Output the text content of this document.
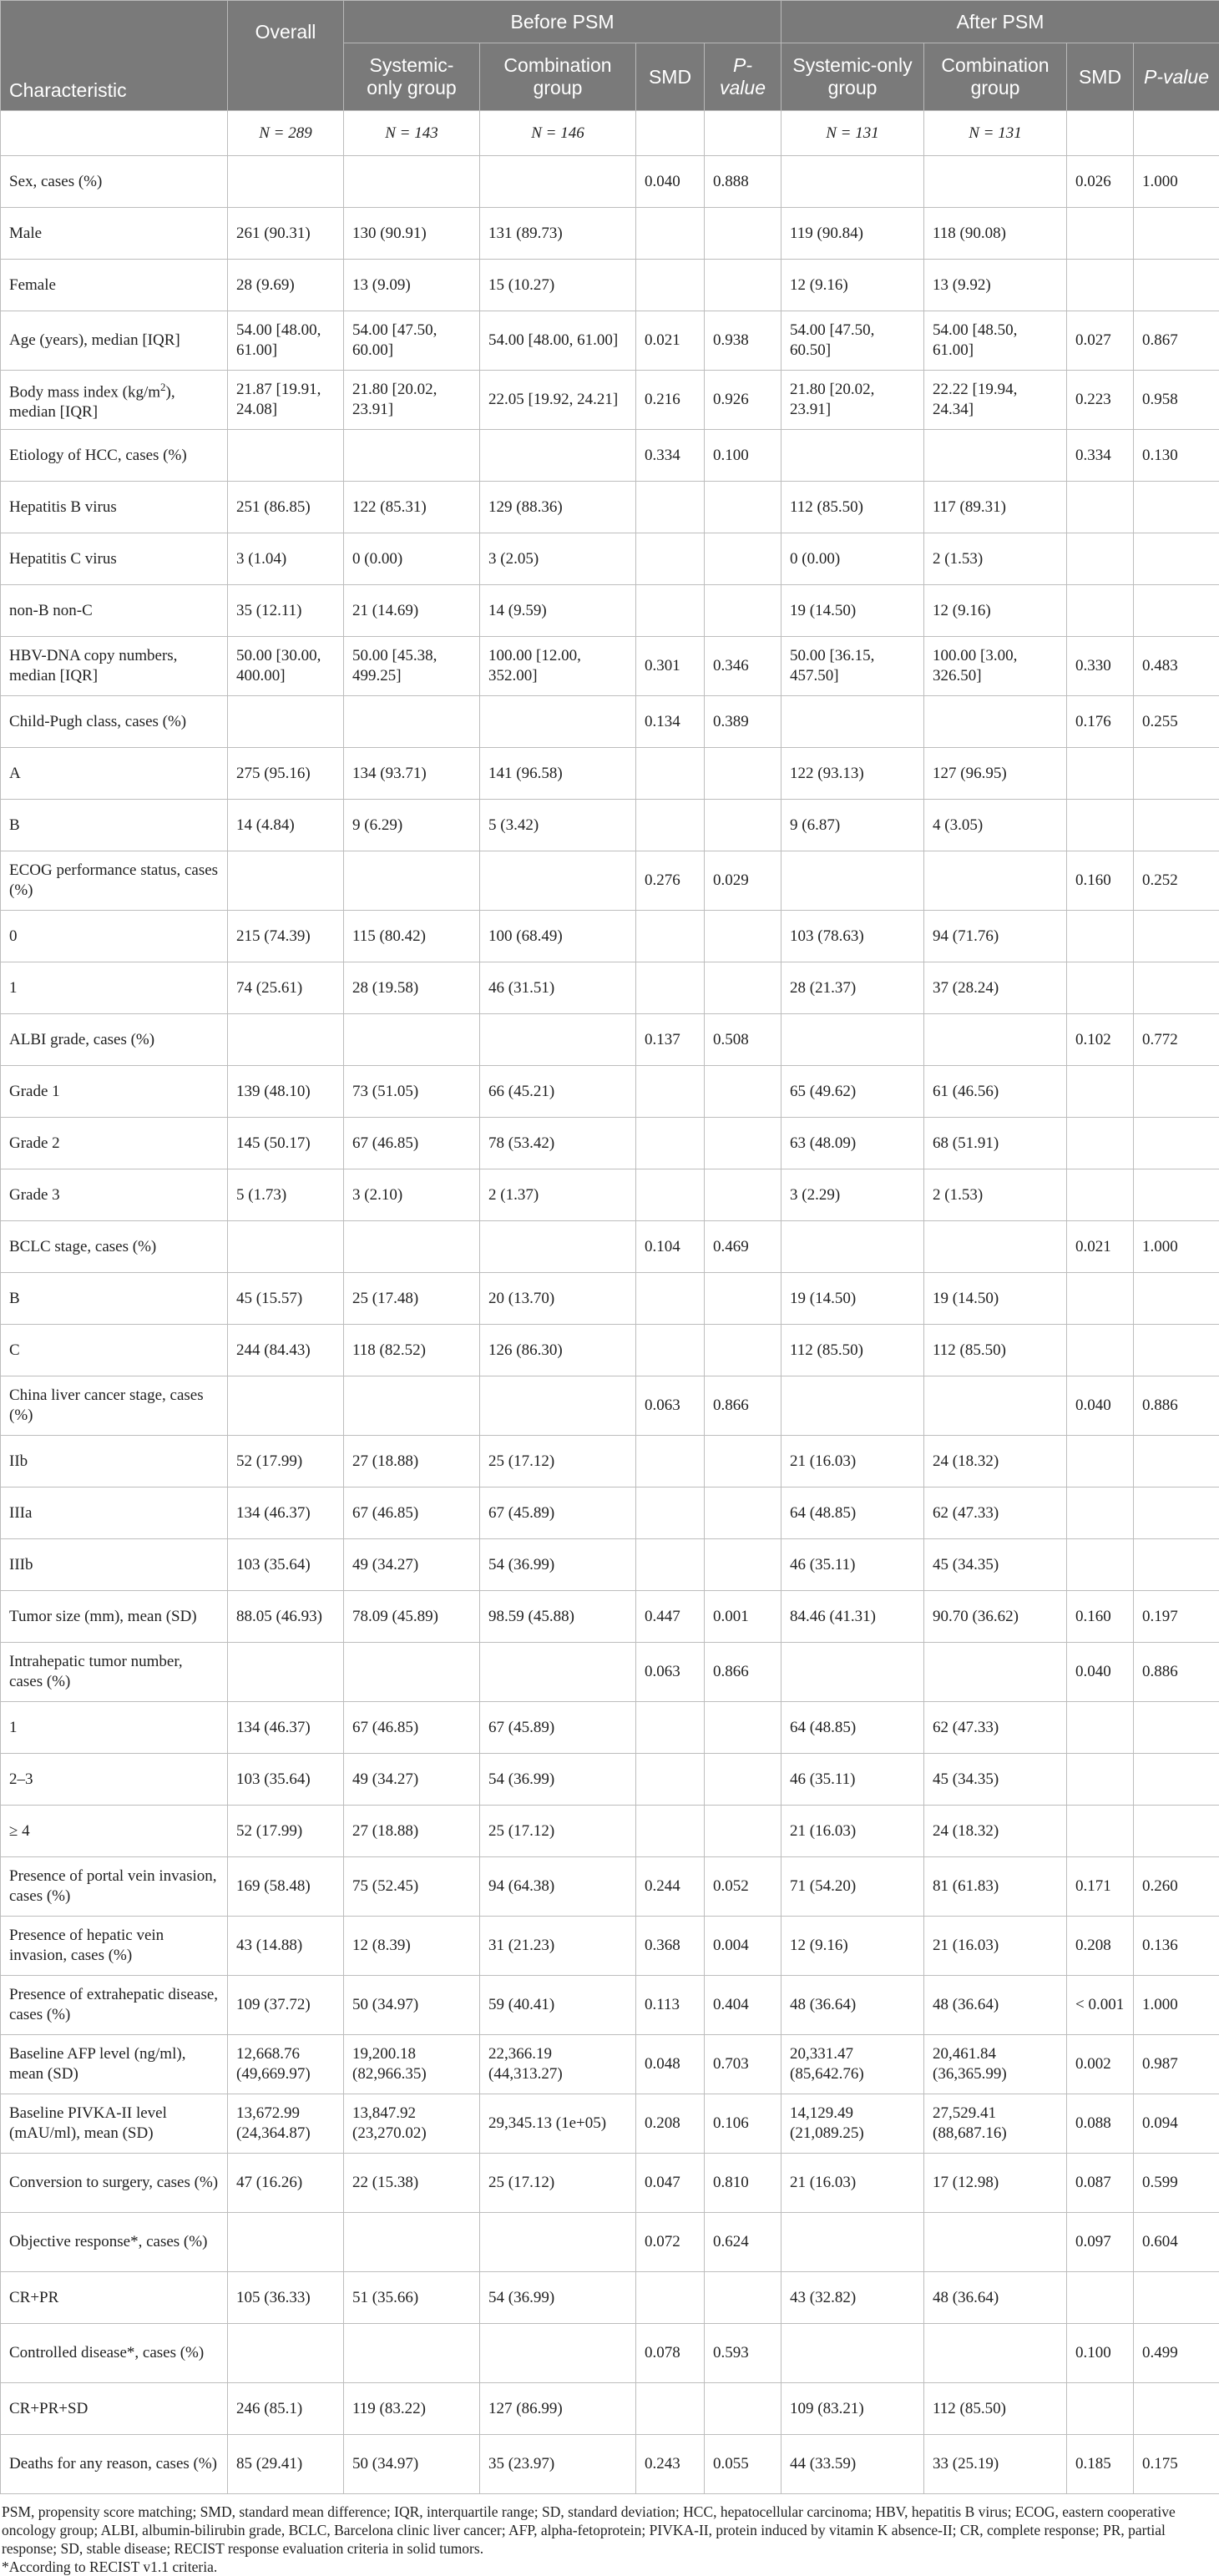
Characteristic	Overall	Before PSM				After PSM			
		Systemic-only group	Combination group	SMD	P-value	Systemic-only group	Combination group	SMD	P-value
	N = 289	N = 143	N = 146			N = 131	N = 131		
Sex, cases (%)				0.040	0.888			0.026	1.000
Male	261 (90.31)	130 (90.91)	131 (89.73)			119 (90.84)	118 (90.08)		
Female	28 (9.69)	13 (9.09)	15 (10.27)			12 (9.16)	13 (9.92)		
Age (years), median [IQR]	54.00 [48.00, 61.00]	54.00 [47.50, 60.00]	54.00 [48.00, 61.00]	0.021	0.938	54.00 [47.50, 60.50]	54.00 [48.50, 61.00]	0.027	0.867
Body mass index $(kg/m^2)$, median [IQR]	21.87 [19.91, 24.08]	21.80 [20.02, 23.91]	22.05 [19.92, 24.21]	0.216	0.926	21.80 [20.02, 23.91]	22.22 [19.94, 24.34]	0.223	0.958
Etiology of HCC, cases (%)				0.334	0.100			0.334	0.130
Hepatitis B virus	251 (86.85)	122 (85.31)	129 (88.36)			112 (85.50)	117 (89.31)		
Hepatitis C virus	3 (1.04)	0 (0.00)	3 (2.05)			0 (0.00)	2 (1.53)		
non-B non-C	35 (12.11)	21 (14.69)	14 (9.59)			19 (14.50)	12 (9.16)		
HBV-DNA copy numbers, median [IQR]	50.00 [30.00, 400.00]	50.00 [45.38, 499.25]	100.00 [12.00, 352.00]	0.301	0.346	50.00 [36.15, 457.50]	100.00 [3.00, 326.50]	0.330	0.483
Child-Pugh class, cases (%)				0.134	0.389			0.176	0.255
A	275 (95.16)	134 (93.71)	141 (96.58)			122 (93.13)	127 (96.95)		
B	14 (4.84)	9 (6.29)	5 (3.42)			9 (6.87)	4 (3.05)		
ECOG performance status, cases (%)				0.276	0.029			0.160	0.252
0	215 (74.39)	115 (80.42)	100 (68.49)			103 (78.63)	94 (71.76)		
1	74 (25.61)	28 (19.58)	46 (31.51)			28 (21.37)	37 (28.24)		
ALBI grade, cases (%)				0.137	0.508			0.102	0.772
Grade 1	139 (48.10)	73 (51.05)	66 (45.21)			65 (49.62)	61 (46.56)		
Grade 2	145 (50.17)	67 (46.85)	78 (53.42)			63 (48.09)	68 (51.91)		
Grade 3	5 (1.73)	3 (2.10)	2 (1.37)			3 (2.29)	2 (1.53)		
BCLC stage, cases (%)				0.104	0.469			0.021	1.000
B	45 (15.57)	25 (17.48)	20 (13.70)			19 (14.50)	19 (14.50)		
C	244 (84.43)	118 (82.52)	126 (86.30)			112 (85.50)	112 (85.50)		
China liver cancer stage, cases (%)				0.063	0.866			0.040	0.886
IIb	52 (17.99)	27 (18.88)	25 (17.12)			21 (16.03)	24 (18.32)		
IIIa	134 (46.37)	67 (46.85)	67 (45.89)			64 (48.85)	62 (47.33)		
IIIb	103 (35.64)	49 (34.27)	54 (36.99)			46 (35.11)	45 (34.35)		
Tumor size (mm), mean (SD)	88.05 (46.93)	78.09 (45.89)	98.59 (45.88)	0.447	0.001	84.46 (41.31)	90.70 (36.62)	0.160	0.197
Intrahepatic tumor number, cases (%)				0.063	0.866			0.040	0.886
1	134 (46.37)	67 (46.85)	67 (45.89)			64 (48.85)	62 (47.33)		
2–3	103 (35.64)	49 (34.27)	54 (36.99)			46 (35.11)	45 (34.35)		
≥ 4	52 (17.99)	27 (18.88)	25 (17.12)			21 (16.03)	24 (18.32)		
Presence of portal vein invasion, cases (%)	169 (58.48)	75 (52.45)	94 (64.38)	0.244	0.052	71 (54.20)	81 (61.83)	0.171	0.260
Presence of hepatic vein invasion, cases (%)	43 (14.88)	12 (8.39)	31 (21.23)	0.368	0.004	12 (9.16)	21 (16.03)	0.208	0.136
Presence of extrahepatic disease, cases (%)	109 (37.72)	50 (34.97)	59 (40.41)	0.113	0.404	48 (36.64)	48 (36.64)	< 0.001	1.000
Baseline AFP level (ng/ml), mean (SD)	12,668.76 (49,669.97)	19,200.18 (82,966.35)	22,366.19 (44,313.27)	0.048	0.703	20,331.47 (85,642.76)	20,461.84 (36,365.99)	0.002	0.987
Baseline PIVKA-II level (mAU/ml), mean (SD)	13,672.99 (24,364.87)	13,847.92 (23,270.02)	29,345.13 (1e+05)	0.208	0.106	14,129.49 (21,089.25)	27,529.41 (88,687.16)	0.088	0.094
Conversion to surgery, cases (%)	47 (16.26)	22 (15.38)	25 (17.12)	0.047	0.810	21 (16.03)	17 (12.98)	0.087	0.599
Objective response*, cases (%)				0.072	0.624			0.097	0.604
CR+PR	105 (36.33)	51 (35.66)	54 (36.99)			43 (32.82)	48 (36.64)		
Controlled disease*, cases (%)				0.078	0.593			0.100	0.499
CR+PR+SD	246 (85.1)	119 (83.22)	127 (86.99)			109 (83.21)	112 (85.50)		
Deaths for any reason, cases (%)	85 (29.41)	50 (34.97)	35 (23.97)	0.243	0.055	44 (33.59)	33 (25.19)	0.185	0.175

PSM, propensity score matching; SMD, standard mean difference; IQR, interquartile range; SD, standard deviation; HCC, hepatocellular carcinoma; HBV, hepatitis B virus; ECOG, eastern cooperative oncology group; ALBI, albumin-bilirubin grade, BCLC, Barcelona clinic liver cancer; AFP, alpha-fetoprotein; PIVKA-II, protein induced by vitamin K absence-II; CR, complete response; PR, partial response; SD, stable disease; RECIST response evaluation criteria in solid tumors.

*According to RECIST v1.1 criteria.
